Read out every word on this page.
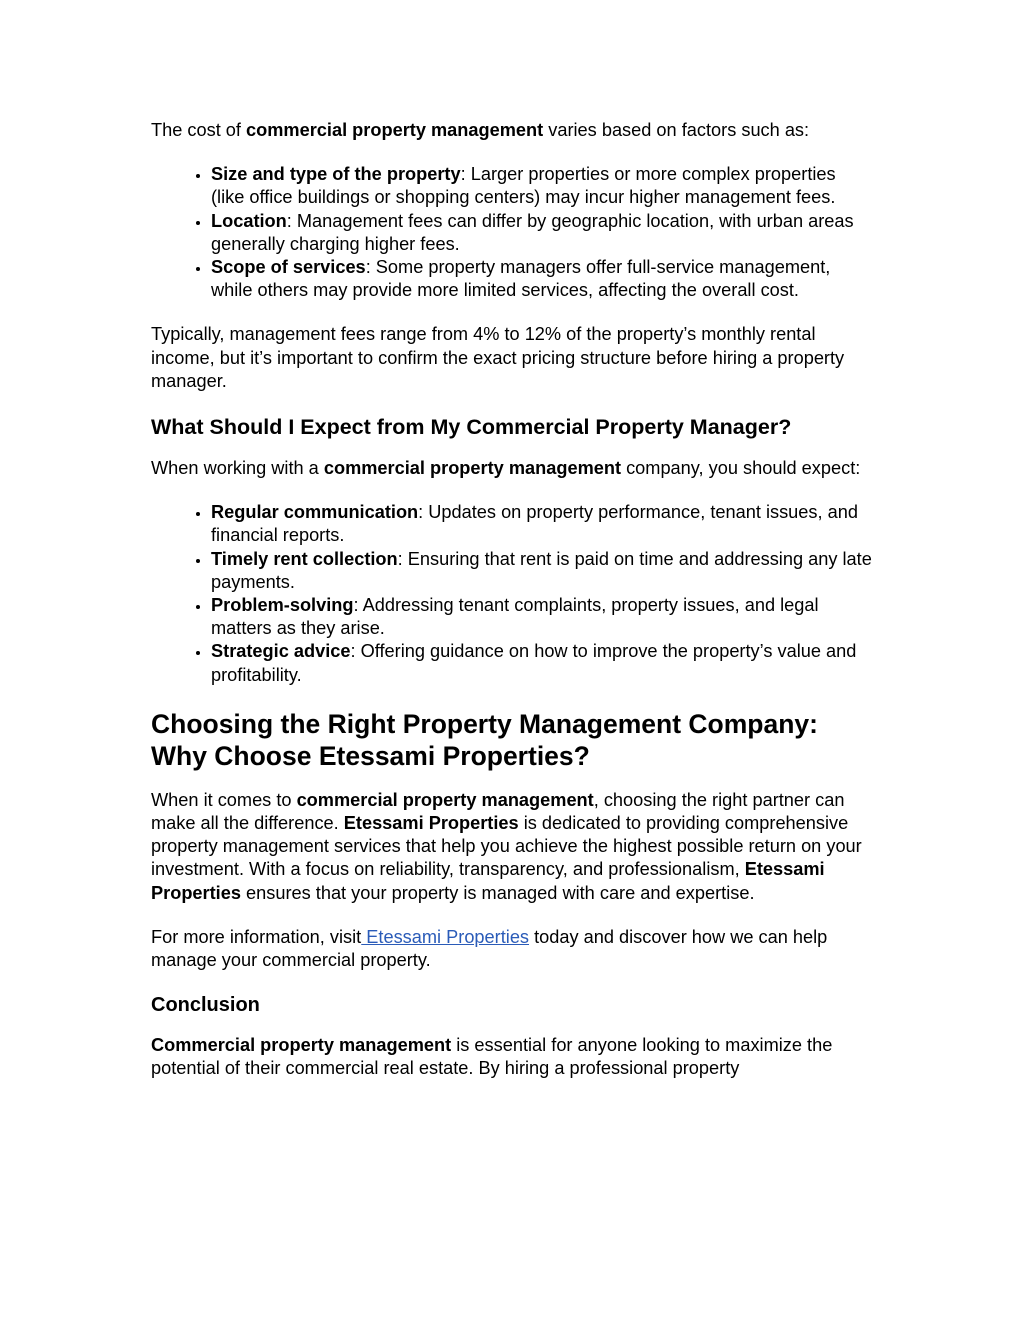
The cost of commercial property management varies based on factors such as:

• Size and type of the property: Larger properties or more complex properties (like office buildings or shopping centers) may incur higher management fees.
• Location: Management fees can differ by geographic location, with urban areas generally charging higher fees.
• Scope of services: Some property managers offer full-service management, while others may provide more limited services, affecting the overall cost.

Typically, management fees range from 4% to 12% of the property’s monthly rental income, but it’s important to confirm the exact pricing structure before hiring a property manager.

What Should I Expect from My Commercial Property Manager?

When working with a commercial property management company, you should expect:

• Regular communication: Updates on property performance, tenant issues, and financial reports.
• Timely rent collection: Ensuring that rent is paid on time and addressing any late payments.
• Problem-solving: Addressing tenant complaints, property issues, and legal matters as they arise.
• Strategic advice: Offering guidance on how to improve the property’s value and profitability.
Choosing the Right Property Management Company: Why Choose Etessami Properties?

When it comes to commercial property management, choosing the right partner can make all the difference. Etessami Properties is dedicated to providing comprehensive property management services that help you achieve the highest possible return on your investment. With a focus on reliability, transparency, and professionalism, Etessami Properties ensures that your property is managed with care and expertise.

For more information, visit Etessami Properties today and discover how we can help manage your commercial property.

Conclusion

Commercial property management is essential for anyone looking to maximize the potential of their commercial real estate. By hiring a professional property
